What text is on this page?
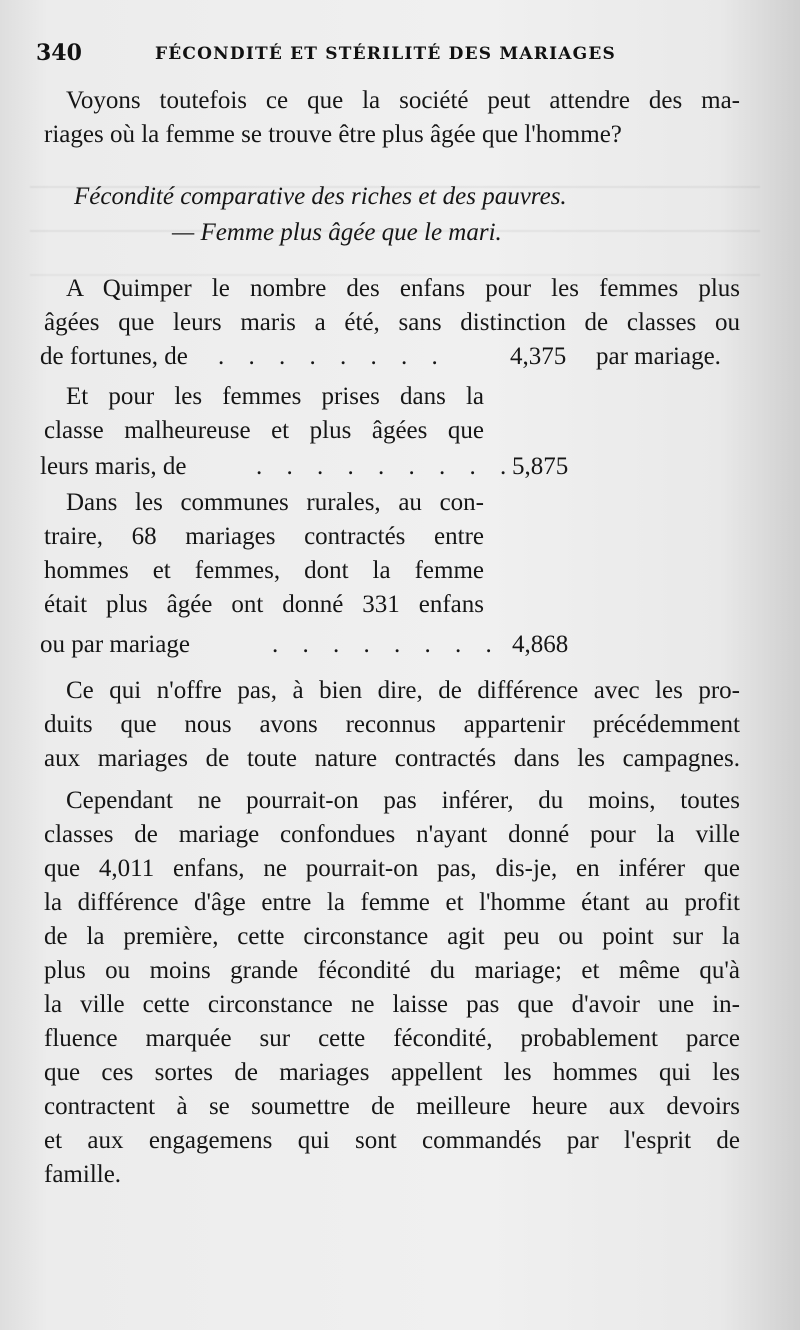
340	FÉCONDITÉ ET STÉRILITÉ DES MARIAGES
Voyons toutefois ce que la société peut attendre des ma-
riages où la femme se trouve être plus âgée que l'homme?
Fécondité comparative des riches et des pauvres.
— Femme plus âgée que le mari.
A Quimper le nombre des enfans pour les femmes plus
âgées que leurs maris a été, sans distinction de classes ou
de fortunes, de . . . . . . . .	4,375 par mariage.
Et pour les femmes prises dans la
classe malheureuse et plus âgées que
leurs maris, de	. . . . . . . . .
5,875
Dans les communes rurales, au con-
traire, 68 mariages contractés entre
hommes et femmes, dont la femme
était plus âgée ont donné 331 enfans
ou par mariage	. . . . . . . . 4,868
Ce qui n'offre pas, à bien dire, de différence avec les pro-
duits que nous avons reconnus appartenir précédemment
aux mariages de toute nature contractés dans les campagnes.
Cependant ne pourrait-on pas inférer, du moins, toutes
classes de mariage confondues n'ayant donné pour la ville
que 4,011 enfans, ne pourrait-on pas, dis-je, en inférer que
la différence d'âge entre la femme et l'homme étant au profit
de la première, cette circonstance agit peu ou point sur la
plus ou moins grande fécondité du mariage; et même qu'à
la ville cette circonstance ne laisse pas que d'avoir une in-
fluence marquée sur cette fécondité, probablement parce
que ces sortes de mariages appellent les hommes qui les
contractent à se soumettre de meilleure heure aux devoirs
et aux engagemens qui sont commandés par l'esprit de
famille.
